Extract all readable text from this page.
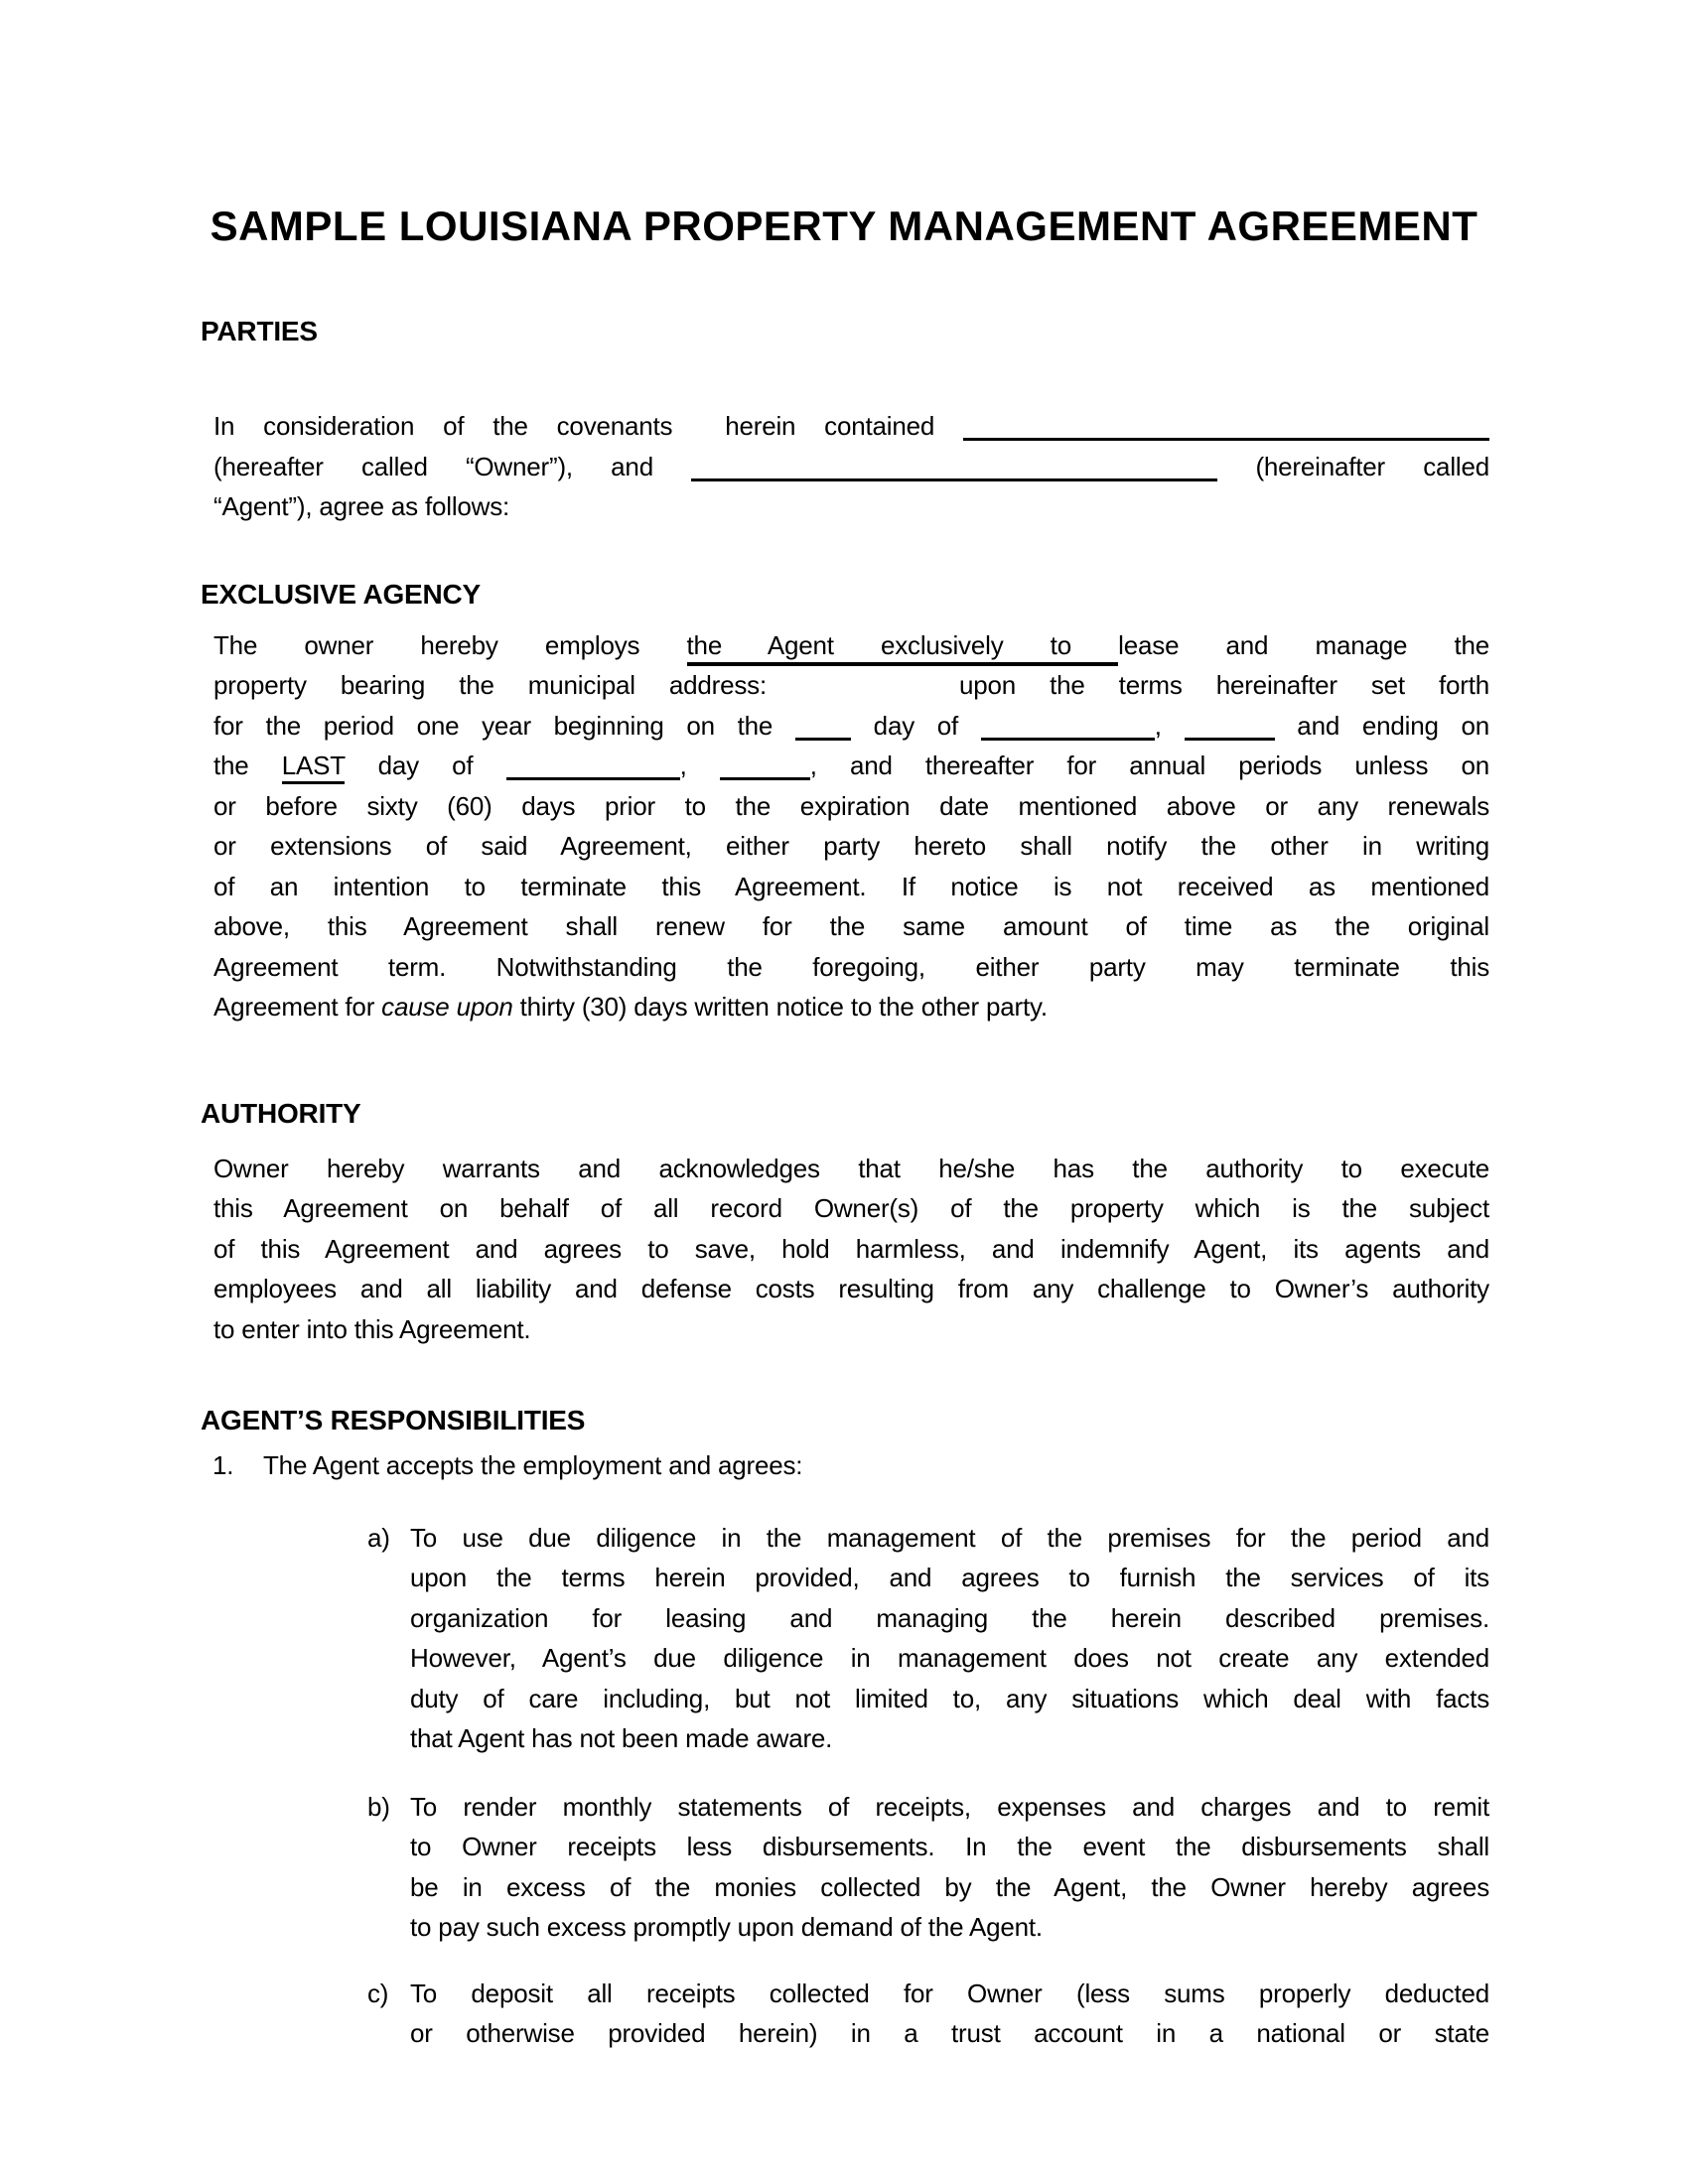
SAMPLE LOUISIANA PROPERTY MANAGEMENT AGREEMENT
PARTIES
In consideration of the covenants herein contained
(hereafter called “Owner”), and	(hereinafter called
“Agent”), agree as follows:
EXCLUSIVE AGENCY
The owner hereby employs the Agent exclusively to lease and manage the
property bearing the municipal address:	upon the terms hereinafter set forth
for the period one year beginning on the  day of	,	and ending on
the LAST day of	,	, and thereafter for annual periods unless on
or before sixty (60) days prior to the expiration date mentioned above or any renewals
or extensions of said Agreement, either party hereto shall notify the other in writing
of an intention to terminate this Agreement. If notice is not received as mentioned
above, this Agreement shall renew for the same amount of time as the original
Agreement term. Notwithstanding the foregoing, either party may terminate this
Agreement for cause upon thirty (30) days written notice to the other party.
AUTHORITY
Owner hereby warrants and acknowledges that he/she has the authority to execute
this Agreement on behalf of all record Owner(s) of the property which is the subject
of this Agreement and agrees to save, hold harmless, and indemnify Agent, its agents and
employees and all liability and defense costs resulting from any challenge to Owner’s authority
to enter into this Agreement.
AGENT’S RESPONSIBILITIES
1.	The Agent accepts the employment and agrees:
a) To use due diligence in the management of the premises for the period and
upon the terms herein provided, and agrees to furnish the services of its
organization for leasing and managing the herein described premises.
However, Agent’s due diligence in management does not create any extended
duty of care including, but not limited to, any situations which deal with facts
that Agent has not been made aware.
b) To render monthly statements of receipts, expenses and charges and to remit
to Owner receipts less disbursements. In the event the disbursements shall
be in excess of the monies collected by the Agent, the Owner hereby agrees
to pay such excess promptly upon demand of the Agent.
c) To deposit all receipts collected for Owner (less sums properly deducted
or otherwise provided herein) in a trust account in a national or state
